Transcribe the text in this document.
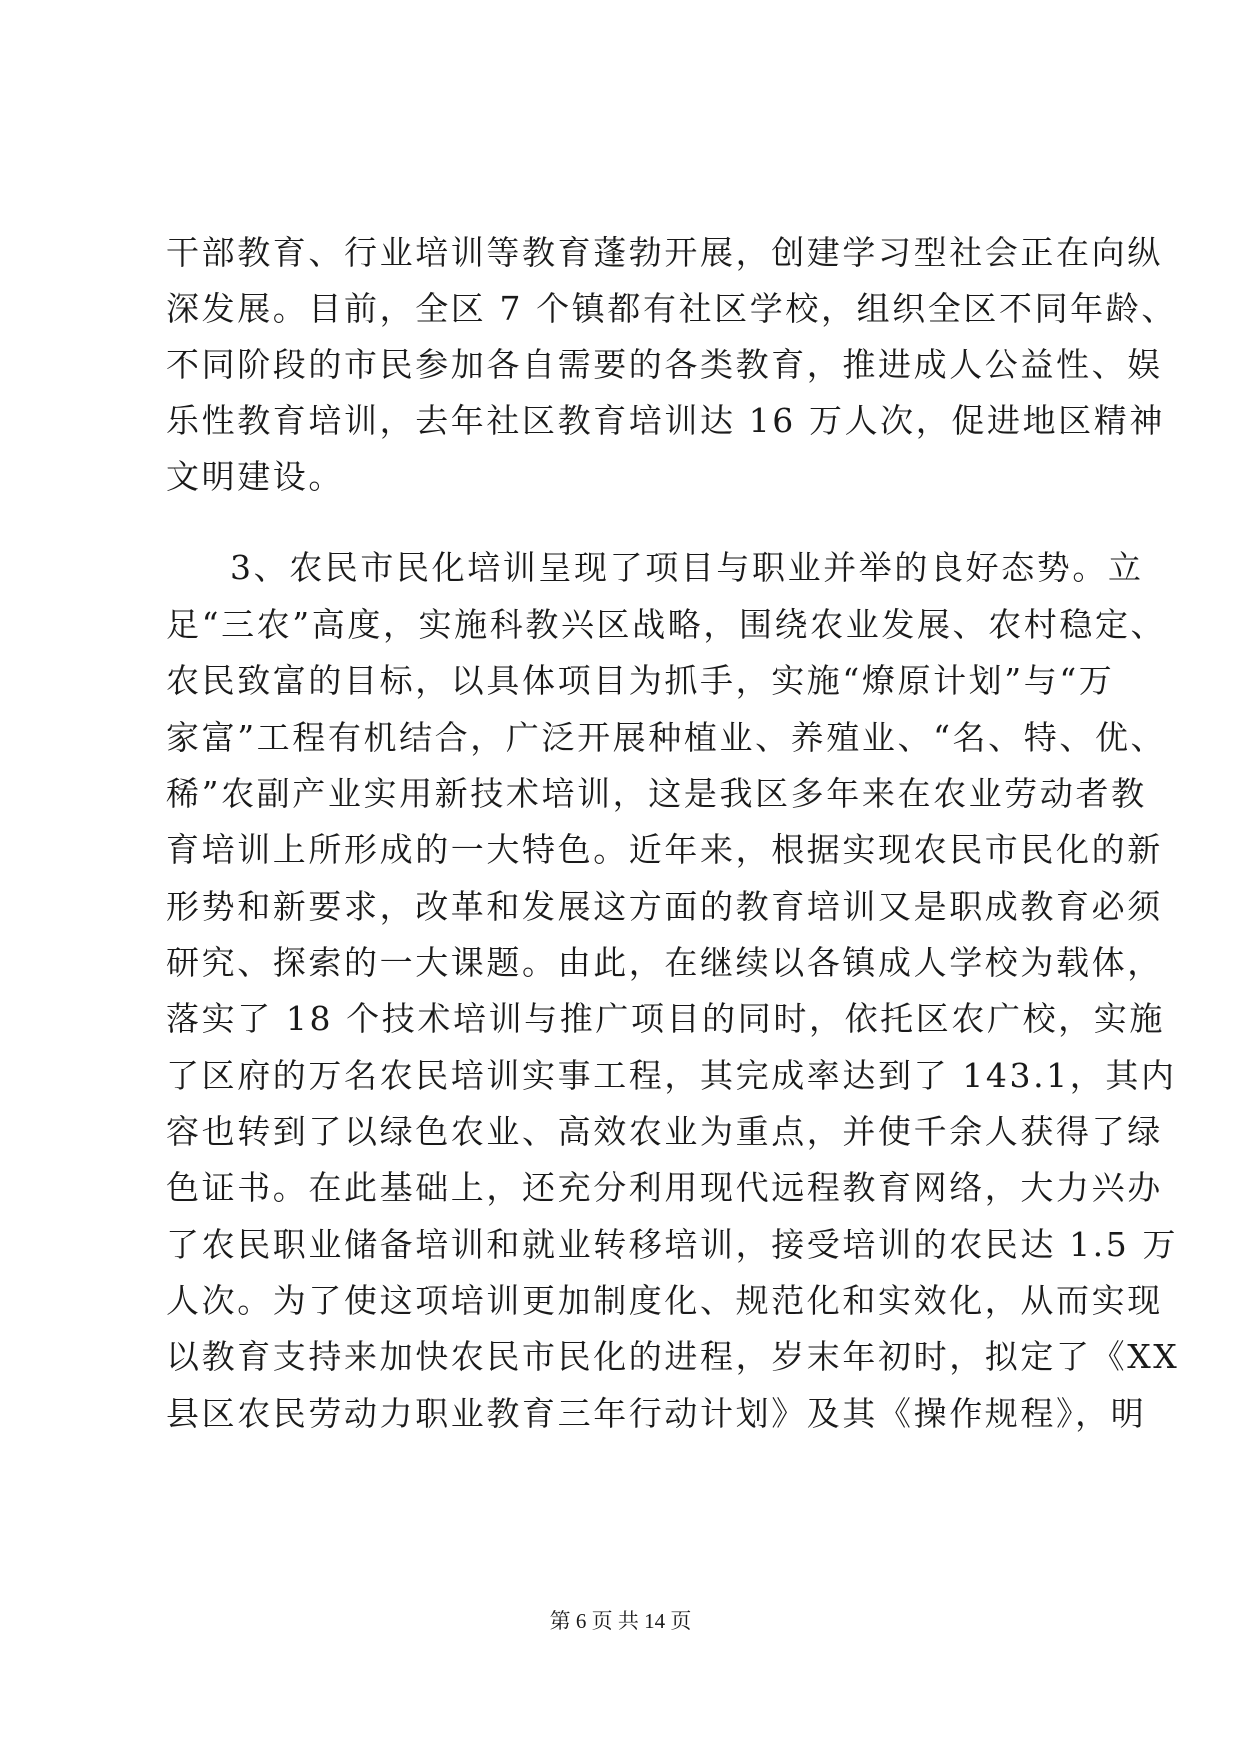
干部教育、行业培训等教育蓬勃开展，创建学习型社会正在向纵
深发展。目前，全区 7 个镇都有社区学校，组织全区不同年龄、
不同阶段的市民参加各自需要的各类教育，推进成人公益性、娱
乐性教育培训，去年社区教育培训达 16 万人次，促进地区精神
文明建设。
3、农民市民化培训呈现了项目与职业并举的良好态势。立
足“三农”高度，实施科教兴区战略，围绕农业发展、农村稳定、
农民致富的目标，以具体项目为抓手，实施“燎原计划”与“万
家富”工程有机结合，广泛开展种植业、养殖业、“名、特、优、
稀”农副产业实用新技术培训，这是我区多年来在农业劳动者教
育培训上所形成的一大特色。近年来，根据实现农民市民化的新
形势和新要求，改革和发展这方面的教育培训又是职成教育必须
研究、探索的一大课题。由此，在继续以各镇成人学校为载体，
落实了 18 个技术培训与推广项目的同时，依托区农广校，实施
了区府的万名农民培训实事工程，其完成率达到了 143.1，其内
容也转到了以绿色农业、高效农业为重点，并使千余人获得了绿
色证书。在此基础上，还充分利用现代远程教育网络，大力兴办
了农民职业储备培训和就业转移培训，接受培训的农民达 1.5 万
人次。为了使这项培训更加制度化、规范化和实效化，从而实现
以教育支持来加快农民市民化的进程，岁末年初时，拟定了《XX
县区农民劳动力职业教育三年行动计划》及其《操作规程》，明
第 6 页 共 14 页
